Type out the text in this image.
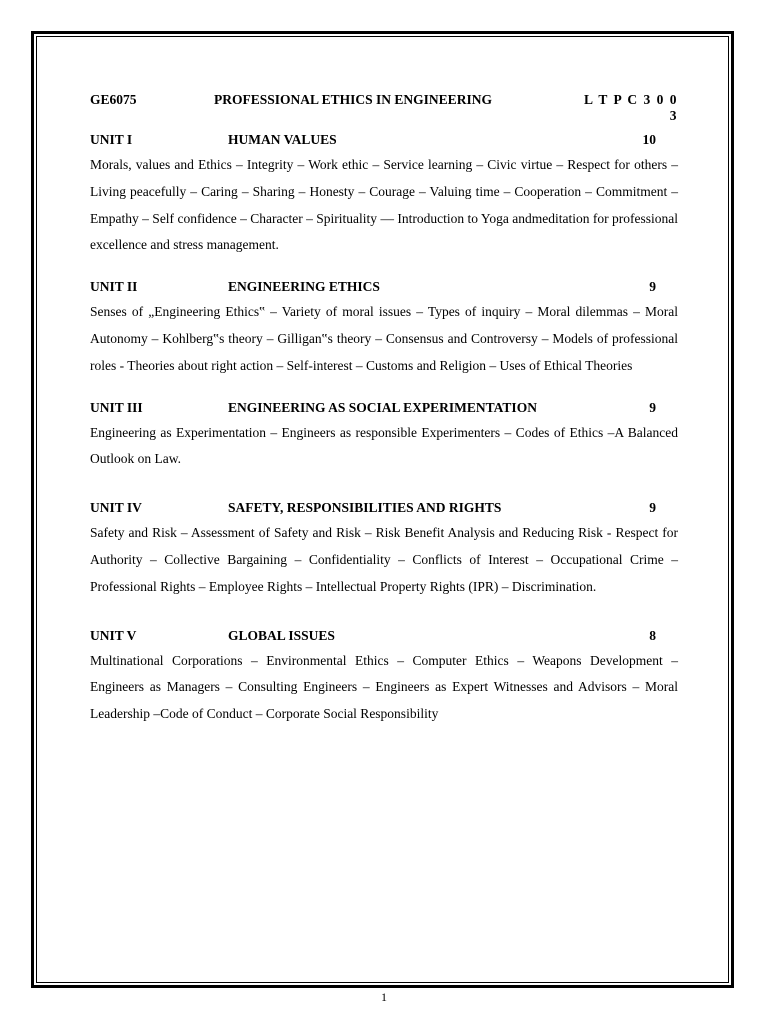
GE6075	PROFESSIONAL ETHICS IN ENGINEERING	L T P C 3 0 0 3
UNIT I	HUMAN VALUES	10
Morals, values and Ethics – Integrity – Work ethic – Service learning – Civic virtue – Respect for others – Living peacefully – Caring – Sharing – Honesty – Courage – Valuing time – Cooperation – Commitment – Empathy – Self confidence – Character – Spirituality — Introduction to Yoga andmeditation for professional excellence and stress management.
UNIT II	ENGINEERING ETHICS	9
Senses of „Engineering Ethics‟ – Variety of moral issues – Types of inquiry – Moral dilemmas – Moral Autonomy – Kohlberg‟s theory – Gilligan‟s theory – Consensus and Controversy – Models of professional roles - Theories about right action – Self-interest – Customs and Religion – Uses of Ethical Theories
UNIT III	ENGINEERING AS SOCIAL EXPERIMENTATION	9
Engineering as Experimentation – Engineers as responsible Experimenters – Codes of Ethics –A Balanced Outlook on Law.
UNIT IV	SAFETY, RESPONSIBILITIES AND RIGHTS	9
Safety and Risk – Assessment of Safety and Risk – Risk Benefit Analysis and Reducing Risk - Respect for Authority – Collective Bargaining – Confidentiality – Conflicts of Interest – Occupational Crime – Professional Rights – Employee Rights – Intellectual Property Rights (IPR) – Discrimination.
UNIT V	GLOBAL ISSUES	8
Multinational Corporations – Environmental Ethics – Computer Ethics – Weapons Development – Engineers as Managers – Consulting Engineers – Engineers as Expert Witnesses and Advisors – Moral Leadership –Code of Conduct – Corporate Social Responsibility
1
